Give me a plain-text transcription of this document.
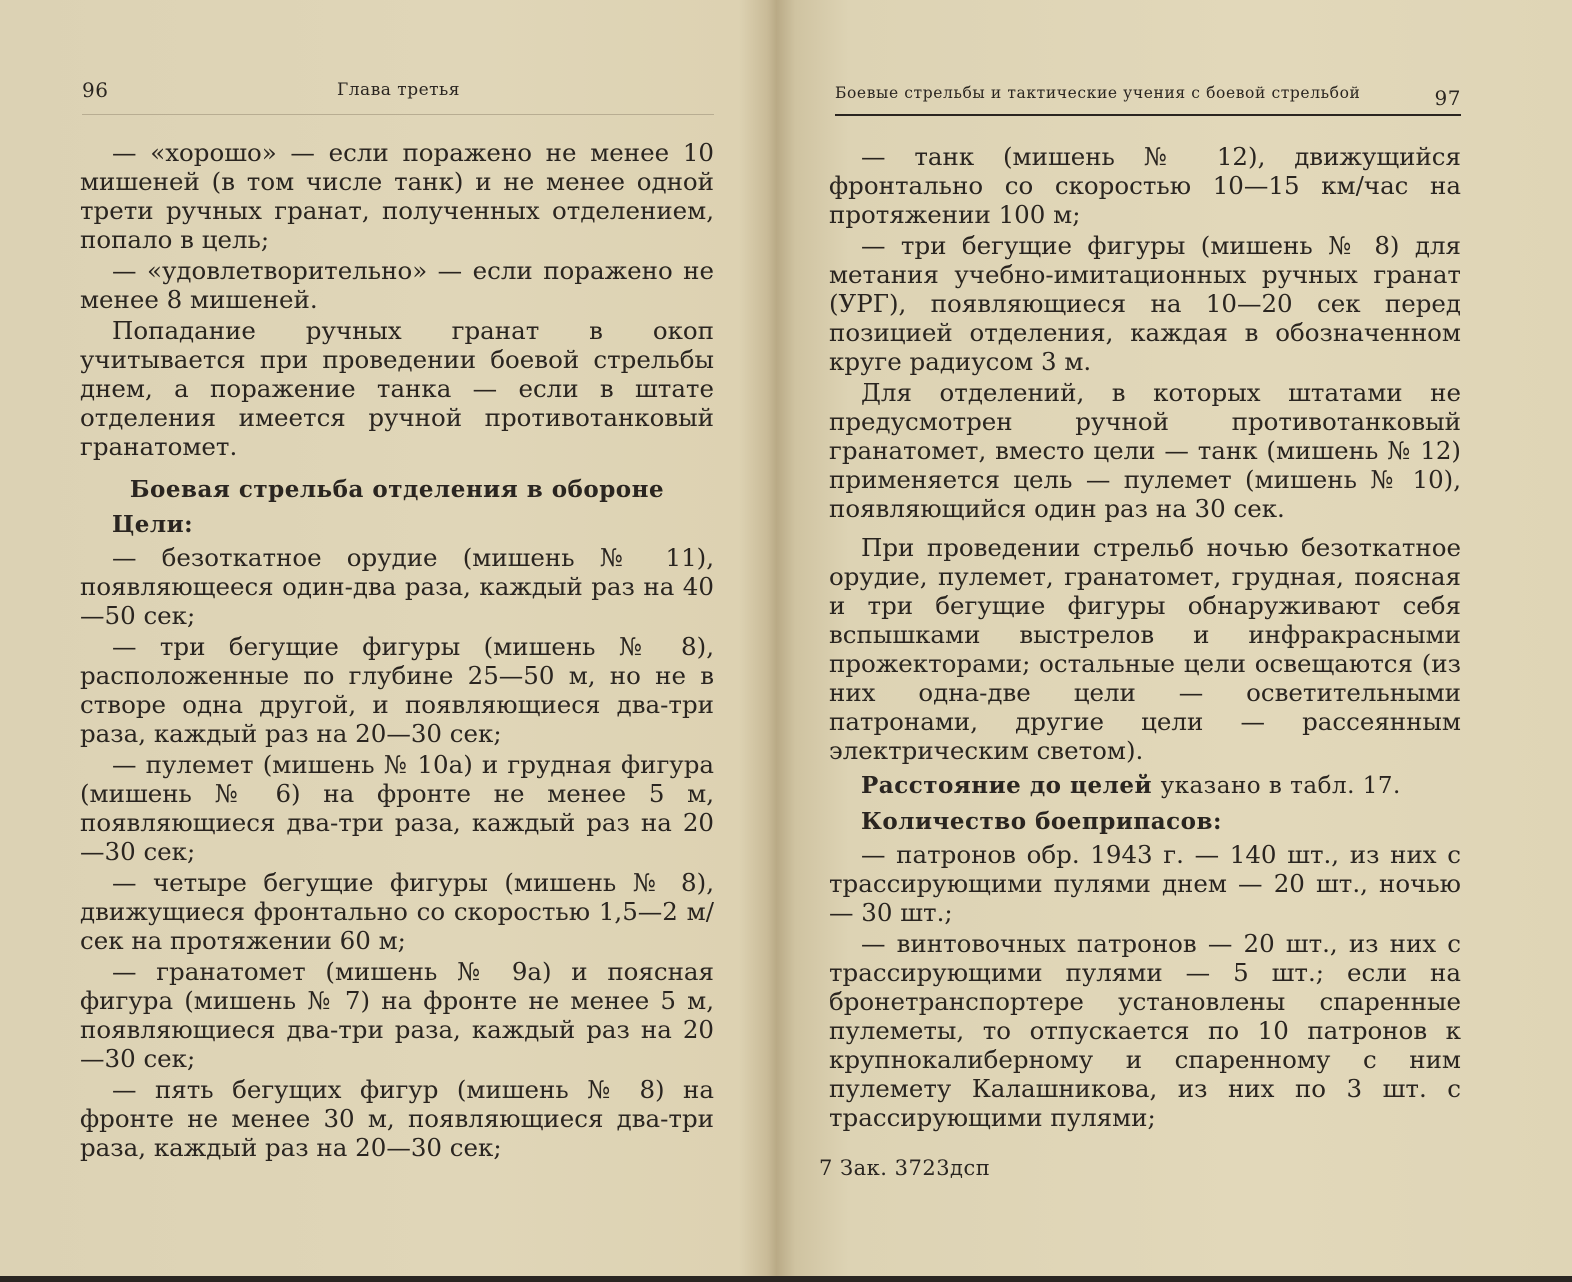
96	Глава третья

— «хорошо» — если поражено не менее 10 мишеней (в том числе танк) и не менее одной трети ручных гранат, полученных отделением, попало в цель;

— «удовлетворительно» — если поражено не менее 8 мишеней.

Попадание ручных гранат в окоп учитывается при проведении боевой стрельбы днем, а поражение танка — если в штате отделения имеется ручной противотанковый гранатомет.

Боевая стрельба отделения в обороне

Цели:

— безоткатное орудие (мишень № 11), появляющееся один-два раза, каждый раз на 40—50 сек;

— три бегущие фигуры (мишень № 8), расположенные по глубине 25—50 м, но не в створе одна другой, и появляющиеся два-три раза, каждый раз на 20—30 сек;

— пулемет (мишень № 10а) и грудная фигура (мишень № 6) на фронте не менее 5 м, появляющиеся два-три раза, каждый раз на 20—30 сек;

— четыре бегущие фигуры (мишень № 8), движущиеся фронтально со скоростью 1,5—2 м/сек на протяжении 60 м;

— гранатомет (мишень № 9а) и поясная фигура (мишень № 7) на фронте не менее 5 м, появляющиеся два-три раза, каждый раз на 20—30 сек;

— пять бегущих фигур (мишень № 8) на фронте не менее 30 м, появляющиеся два-три раза, каждый раз на 20—30 сек;

Боевые стрельбы и тактические учения с боевой стрельбой	97

— танк (мишень № 12), движущийся фронтально со скоростью 10—15 км/час на протяжении 100 м;

— три бегущие фигуры (мишень № 8) для метания учебно-имитационных ручных гранат (УРГ), появляющиеся на 10—20 сек перед позицией отделения, каждая в обозначенном круге радиусом 3 м.

Для отделений, в которых штатами не предусмотрен ручной противотанковый гранатомет, вместо цели — танк (мишень № 12) применяется цель — пулемет (мишень № 10), появляющийся один раз на 30 сек.

При проведении стрельб ночью безоткатное орудие, пулемет, гранатомет, грудная, поясная и три бегущие фигуры обнаруживают себя вспышками выстрелов и инфракрасными прожекторами; остальные цели освещаются (из них одна-две цели — осветительными патронами, другие цели — рассеянным электрическим светом).

Расстояние до целей указано в табл. 17.

Количество боеприпасов:

— патронов обр. 1943 г. — 140 шт., из них с трассирующими пулями днем — 20 шт., ночью — 30 шт.;

— винтовочных патронов — 20 шт., из них с трассирующими пулями — 5 шт.; если на бронетранспортере установлены спаренные пулеметы, то отпускается по 10 патронов к крупнокалиберному и спаренному с ним пулемету Калашникова, из них по 3 шт. с трассирующими пулями;

7 Зак. 3723дсп
